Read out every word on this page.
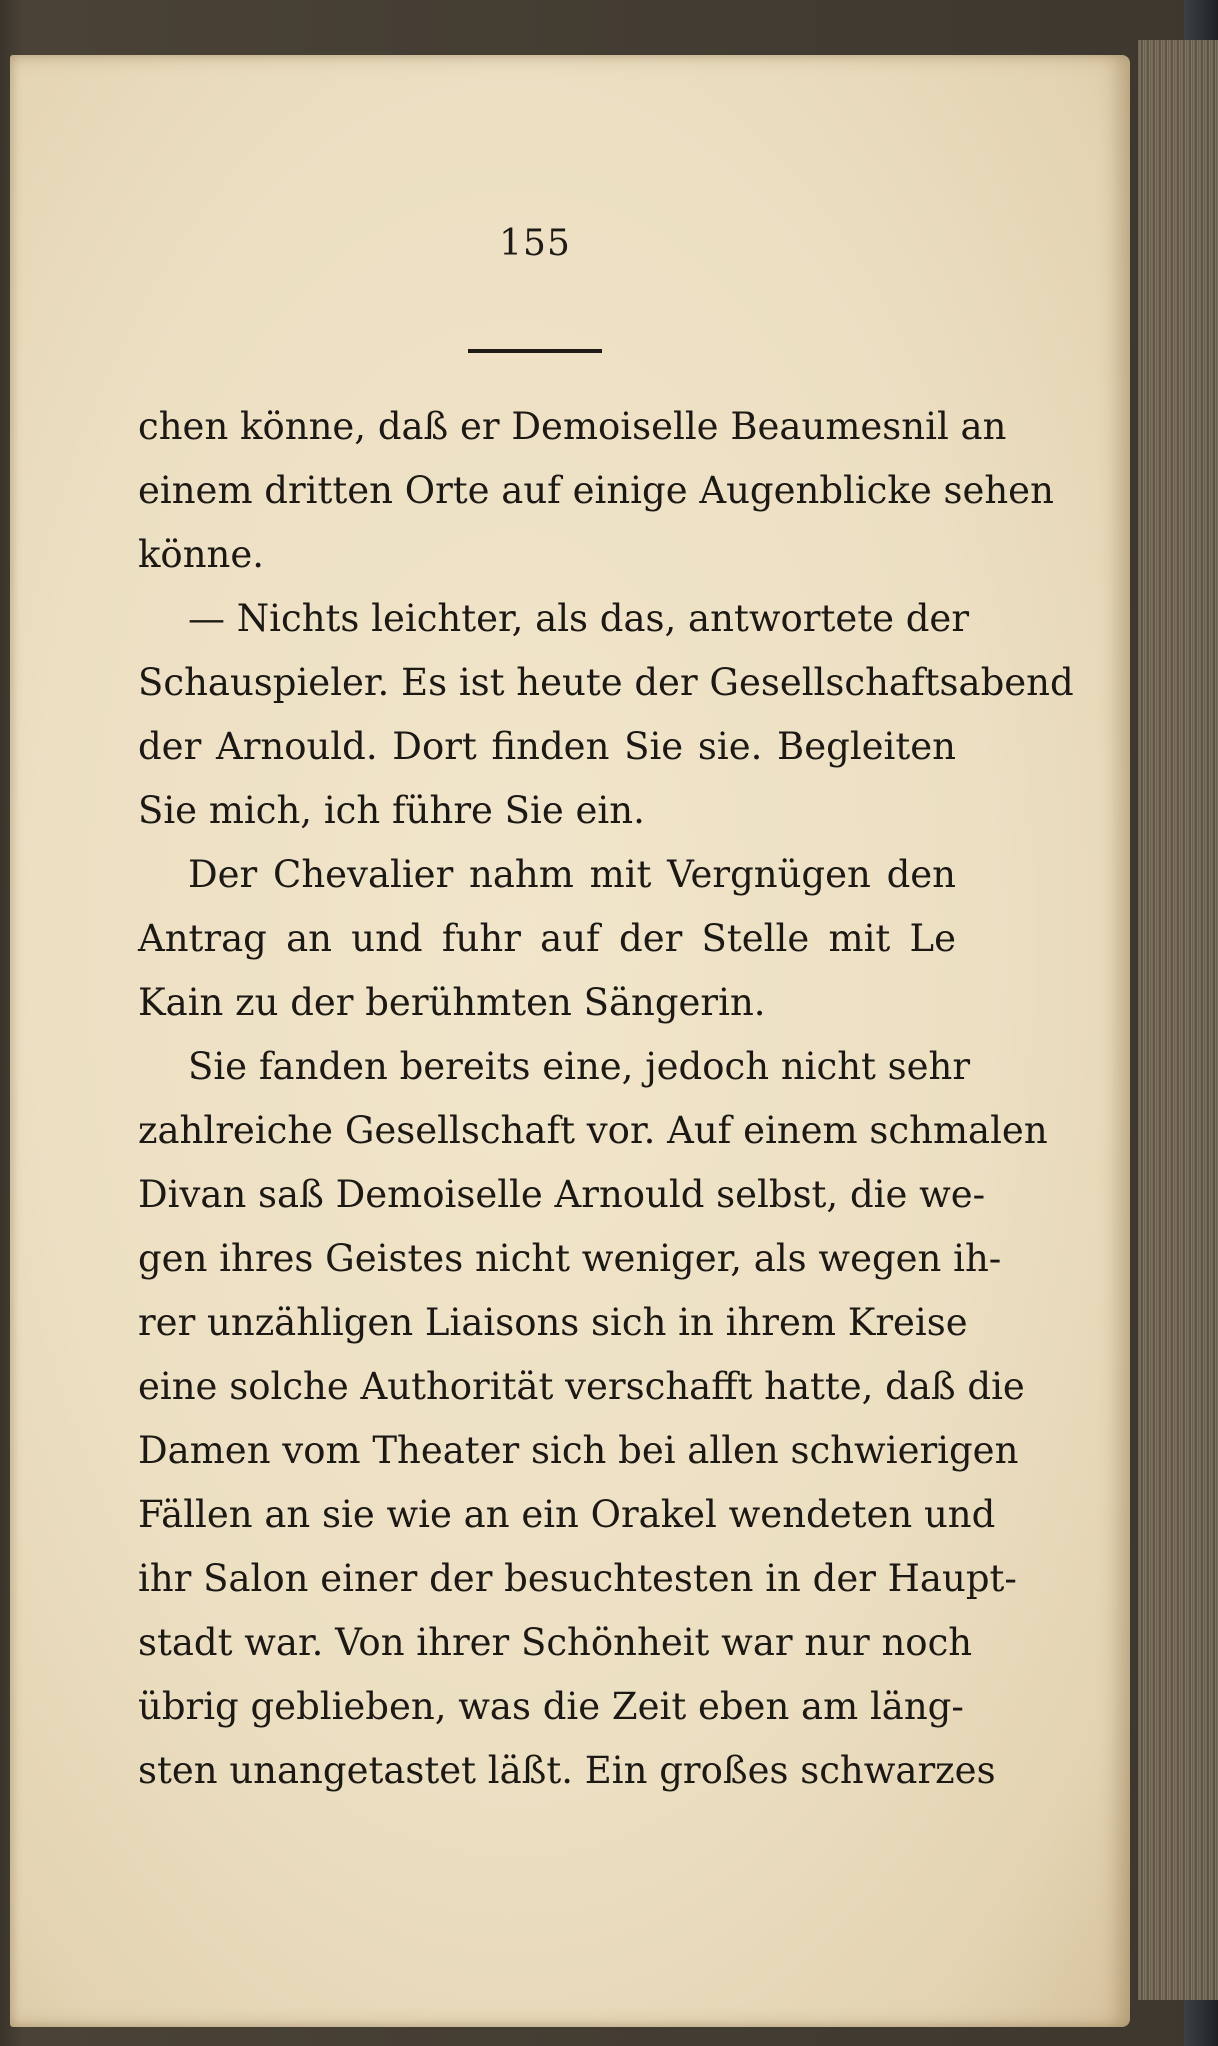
155
chen könne, daß er Demoiselle Beaumesnil an
einem dritten Orte auf einige Augenblicke sehen
könne.
— Nichts leichter, als das, antwortete der
Schauspieler. Es ist heute der Gesellschaftsabend
der Arnould. Dort finden Sie sie. Begleiten
Sie mich, ich führe Sie ein.
Der Chevalier nahm mit Vergnügen den
Antrag an und fuhr auf der Stelle mit Le
Kain zu der berühmten Sängerin.
Sie fanden bereits eine, jedoch nicht sehr
zahlreiche Gesellschaft vor. Auf einem schmalen
Divan saß Demoiselle Arnould selbst, die we-
gen ihres Geistes nicht weniger, als wegen ih-
rer unzähligen Liaisons sich in ihrem Kreise
eine solche Authorität verschafft hatte, daß die
Damen vom Theater sich bei allen schwierigen
Fällen an sie wie an ein Orakel wendeten und
ihr Salon einer der besuchtesten in der Haupt-
stadt war. Von ihrer Schönheit war nur noch
übrig geblieben, was die Zeit eben am läng-
sten unangetastet läßt. Ein großes schwarzes
